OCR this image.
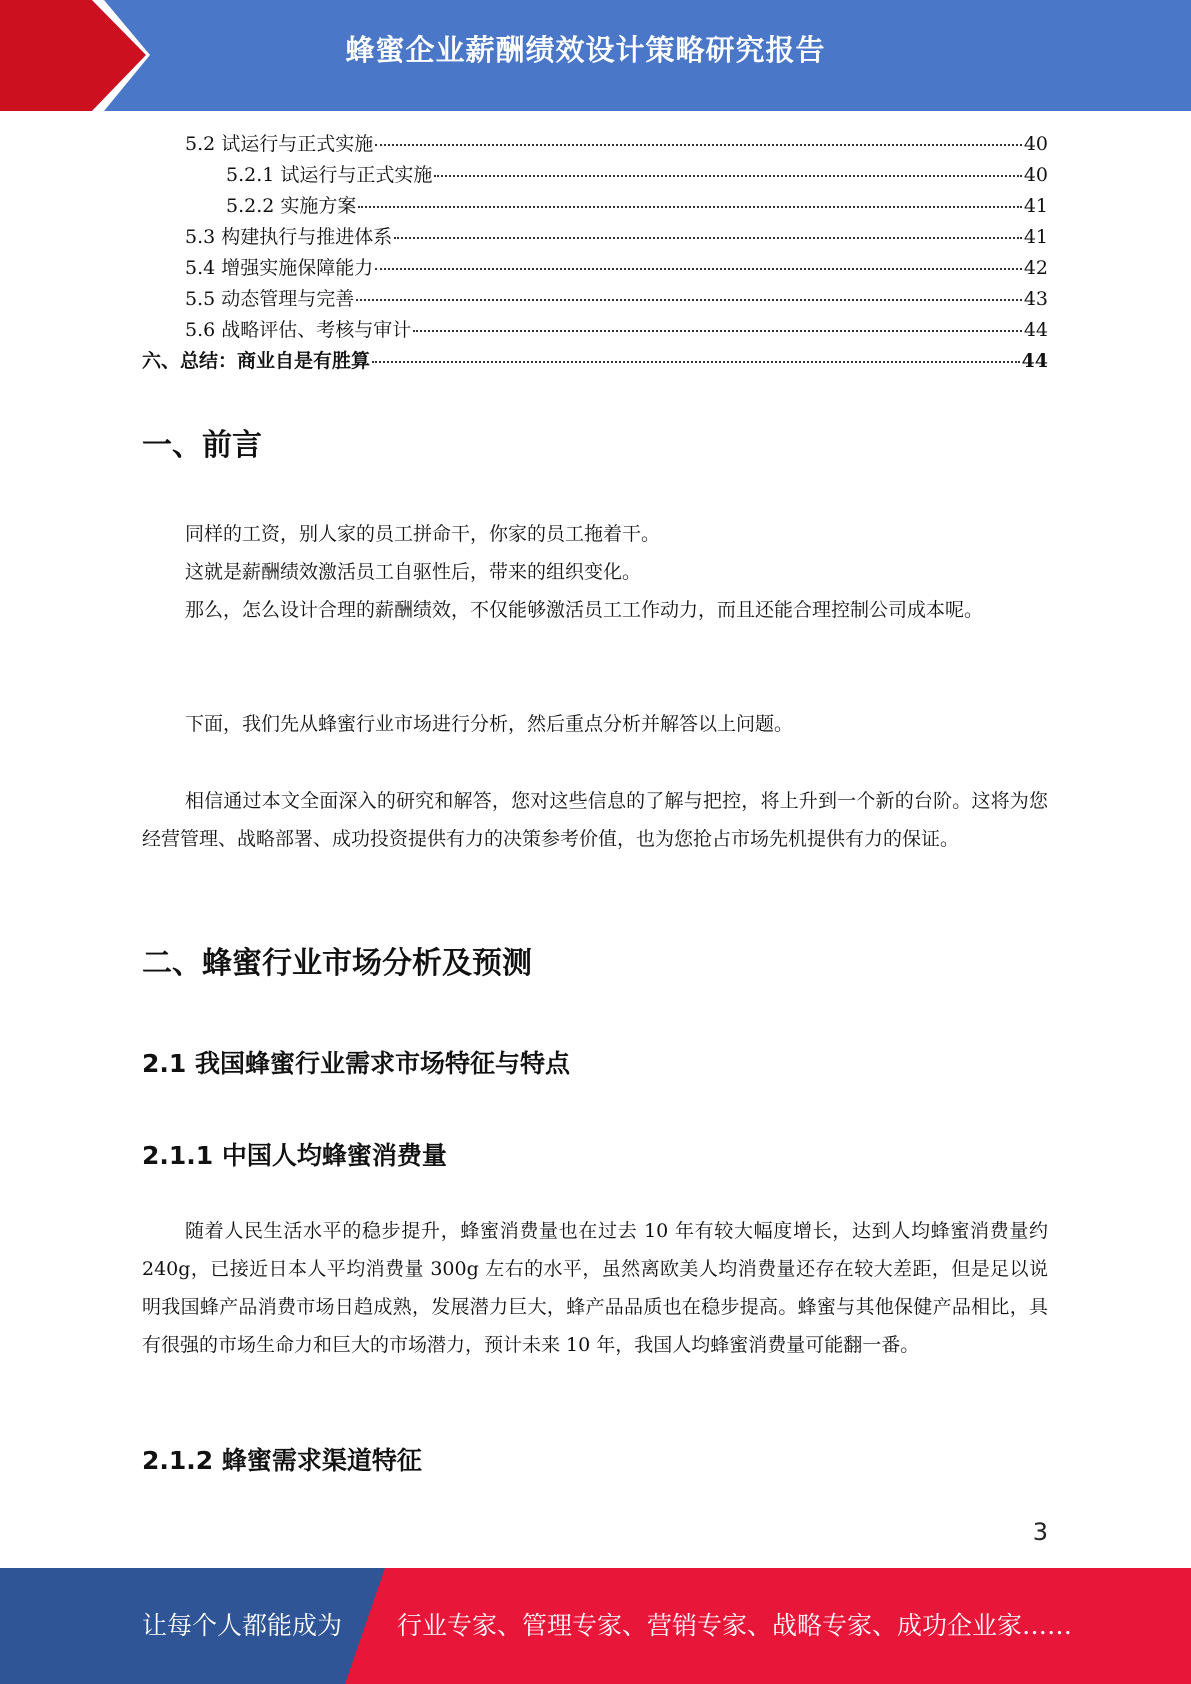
蜂蜜企业薪酬绩效设计策略研究报告
5.2 试运行与正式实施	40
5.2.1 试运行与正式实施	40
5.2.2 实施方案	41
5.3 构建执行与推进体系	41
5.4 增强实施保障能力	42
5.5 动态管理与完善	43
5.6 战略评估、考核与审计	44
六、总结：商业自是有胜算	44
一、前言

同样的工资，别人家的员工拼命干，你家的员工拖着干。

这就是薪酬绩效激活员工自驱性后，带来的组织变化。

那么，怎么设计合理的薪酬绩效，不仅能够激活员工工作动力，而且还能合理控制公司成本呢。

下面，我们先从蜂蜜行业市场进行分析，然后重点分析并解答以上问题。

相信通过本文全面深入的研究和解答，您对这些信息的了解与把控，将上升到一个新的台阶。这将为您经营管理、战略部署、成功投资提供有力的决策参考价值，也为您抢占市场先机提供有力的保证。

二、蜂蜜行业市场分析及预测
2.1 我国蜂蜜行业需求市场特征与特点
2.1.1 中国人均蜂蜜消费量

随着人民生活水平的稳步提升，蜂蜜消费量也在过去 10 年有较大幅度增长，达到人均蜂蜜消费量约 240g，已接近日本人平均消费量 300g 左右的水平，虽然离欧美人均消费量还存在较大差距，但是足以说明我国蜂产品消费市场日趋成熟，发展潜力巨大，蜂产品品质也在稳步提高。蜂蜜与其他保健产品相比，具有很强的市场生命力和巨大的市场潜力，预计未来 10 年，我国人均蜂蜜消费量可能翻一番。

2.1.2 蜂蜜需求渠道特征
3
让每个人都能成为 行业专家、管理专家、营销专家、战略专家、成功企业家……
